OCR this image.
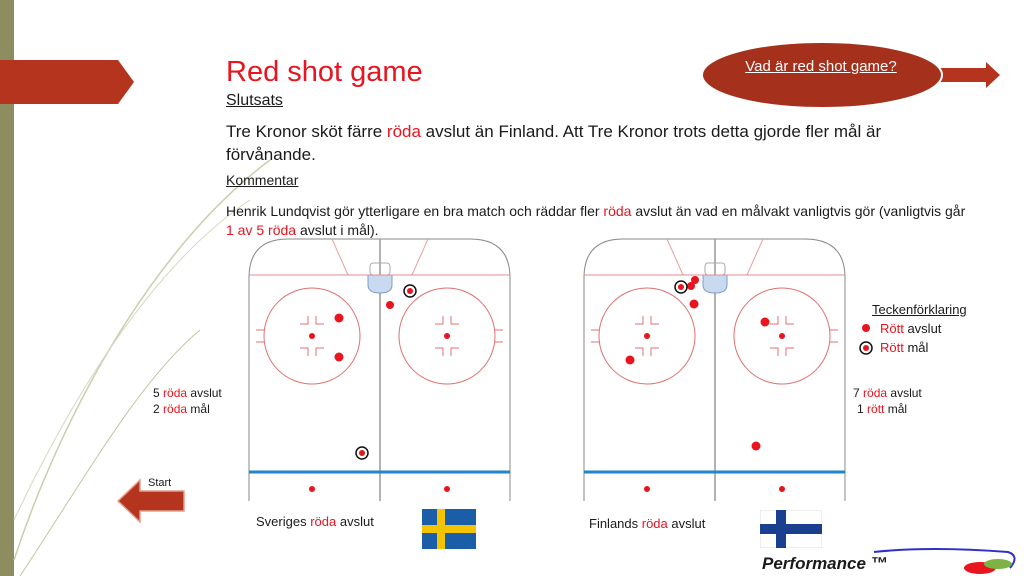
Red shot game
Slutsats
Tre Kronor sköt färre röda avslut än Finland. Att Tre Kronor trots detta gjorde fler mål är förvånande.
Kommentar
Henrik Lundqvist gör ytterligare en bra match och räddar fler röda avslut än vad en målvakt vanligtvis gör (vanligtvis går 1 av 5 röda avslut i mål).
Vad är red shot game?
5 röda avslut
2 röda mål
7 röda avslut
1 rött mål
Teckenförklaring
Rött avslut
Rött mål
Sveriges röda avslut	Finlands röda avslut
Start
Performance ™
